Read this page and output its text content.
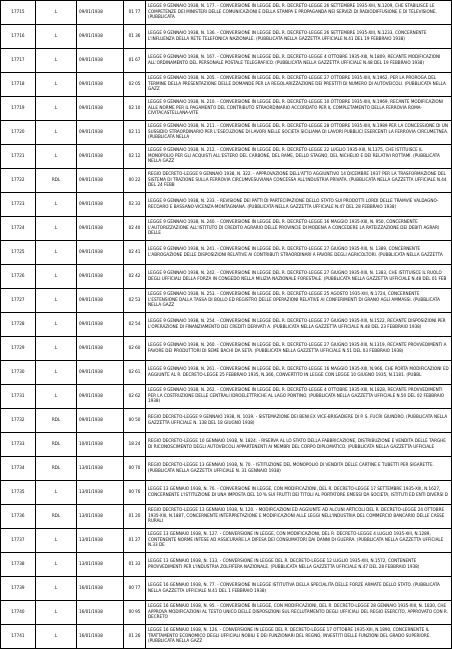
17715	L	09/01/1938	01 77	LEGGE 9 GENNAIO 1938, N. 177. - CONVERSIONE IN LEGGE DEL R. DECRETO-LEGGE 26 SETTEMBRE 1935-XIII, N.1209, CHE STABILISCE LE COMPETENZE DEI MINISTERI DELLE COMUNICAZIONI E DELLA STAMPA E PROPAGANDA NEI SERVIZI DI RADIODIFFUSIONE E DI TELEVISIONE. (PUBBLICATA
17716	L	09/01/1938	01 36	LEGGE 9 GENNAIO 1938, N. 136. - CONVERSIONE IN LEGGE DEL R. DECRETO-LEGGE 26 SETTEMBRE 1935-XIII, N.1233, CONCERNENTE L'INFLUENZA DELLA RETE TELEFONICA NAZIONALE. (PUBBLICATA NELLA GAZZETTA UFFICIALE N.41 DEL 19 FEBBRAIO 1938)
17717	L	09/01/1938	01 67	LEGGE 9 GENNAIO 1938, N. 167. - CONVERSIONE IN LEGGE DEL R. DECRETO-LEGGE 4 OTTOBRE 1935-XIII, N.1809, RECANTE MODIFICAZIONI ALL'ORDINAMENTO DEL PERSONALE POSTALE TELEGRAFICO. (PUBBLICATA NELLA GAZZETTA UFFICIALE N.48 DEL 19 FEBBRAIO 1938)
17718	L	09/01/1938	02 05	LEGGE 9 GENNAIO 1938, N. 205. - CONVERSIONE IN LEGGE DEL R. DECRETO-LEGGE 27 OTTOBRE 1935-XIII, N.1962, PER LA PROROGA DEL TERMINE DELLA PRESENTAZIONE DELLE DOMANDE PER LA REGOLARIZZAZIONE DEI PRESTITI DI NUMERO DI AUTOVEICOLI. (PUBBLICATA NELLA GAZZ
17719	L	09/01/1938	02 10	LEGGE 9 GENNAIO 1938, N. 210. - CONVERSIONE IN LEGGE DEL R. DECRETO-LEGGE 10 OTTOBRE 1935-XIII, N.1969, RECANTE MODIFICAZIONI ALLE NORME PER IL PAGAMENTO DEL CONTRIBUTO STRAORDINARIO ACCORDATO PER IL COMPLETAMENTO DELLA FERROVIA ROMA-CIVITACASTELLANA-VITE
17720	L	09/01/1938	02 11	LEGGE 9 GENNAIO 1938, N. 211. - CONVERSIONE IN LEGGE DEL R. DECRETO-LEGGE 28 OTTOBRE 1935-XIII, N.1989 PER LA CONCESSIONE DI UN SUSSIDIO STRAORDINARIO PER L'ESECUZIONE DI LAVORI NELLE SOCIETA SICILIANA DI LAVORI PUBBLICI ESERCENTI LA FERROVIA CIRCUMETNEA. (PUBBLICATA NELLA
17721	L	09/01/1938	02 12	LEGGE 9 GENNAIO 1938, N. 212. - CONVERSIONE IN LEGGE DEL R. DECRETO-LEGGE 22 LUGLIO 1935-XIII, N.1375, CHE ISTITUISCE IL MONOPOLIO PER GLI ACQUISTI ALL'ESTERO DEL CARBONE, DEL RAME, DELLO STAGNO, DEL NICHELIO E DEI RELATIVI ROTTAMI. (PUBBLICATA NELLA GAZZ
17722	RDL	09/01/1938	00 22	REGIO DECRETO-LEGGE 9 GENNAIO 1938, N. 322. - APPROVAZIONE DELL'ATTO AGGIUNTIVO 14 DICEMBRE 1937 PER LA TRASFORMAZIONE DEL SISTEMA DI TRAZIONE SULLA FERROVIA CIRCUMVESUVIANA CONCESSA ALL'INDUSTRIA PRIVATA. (PUBBLICATA NELLA GAZZETTA UFFICIALE N.44 DEL 24 FEBB
17723	L	09/01/1938	02 33	LEGGE 9 GENNAIO 1938, N. 233. - REVISIONE DEI PATTI DI PARTECIPAZIONE DELLO STATO SUI PRODOTTI LORDI DELLE TRAMVIE VALDAGNO-RECOARO E BASSANO-VICENZA-MONTAGNANA. (PUBBLICATA NELLA GAZZETTA UFFICIALE N.47 DEL 28 FEBBRAIO 1938)
17724	L	09/01/1938	02 40	LEGGE 9 GENNAIO 1938, N. 240. - CONVERSIONE IN LEGGE DEL R. DECRETO-LEGGE 16 MAGGIO 1935-XIII, N. 950, CONCERNENTE L'AUTORIZZAZIONE ALL'ISTITUTO DI CREDITO AGRARIO DELLE PROVINCIE DI MODENA A CONCEDERE LA RATEIZZAZIONE DEI DEBITI AGRARI DELLE
17725	L	09/01/1938	02 41	LEGGE 9 GENNAIO 1938, N. 241. - CONVERSIONE IN LEGGE DEL R. DECRETO-LEGGE 27 GIUGNO 1935-XIII, N. 1389, CONCERNENTE L'ABROGAZIONE DELLE DISPOSIZIONI RELATIVE AI CONTRIBUTI STRAORDINARI A FAVORE DEGLI AGRICOLTORI. (PUBBLICATA NELLA GAZZETTA
17726	L	09/01/1938	02 42	LEGGE 9 GENNAIO 1938, N. 242. - CONVERSIONE IN LEGGE DEL R. DECRETO-LEGGE 27 GIUGNO 1935-XIII, N. 1383, CHE ISTITUISCE IL RUOLO DEGLI UFFICIALI DELLA FORZA IN CONGEDO NELLA MILIZIA NAZIONALE FORESTALE. (PUBBLICATA NELLA GAZZETTA UFFICIALE N.48 DEL 01 FEB
17727	L	09/01/1938	02 53	LEGGE 9 GENNAIO 1938, N. 253. - CONVERSIONE IN LEGGE DEL R. DECRETO-LEGGE 25 AGOSTO 1935-XIII, N.1724, CONCERNENTE L'ESTENSIONE DALLA TASSA DI BOLLO ED REGISTRO DELLE OPERAZIONI RELATIVE AI CONFERIMENTI DI GRANO AGLI AMMASSI. (PUBBLICATA NELLA GAZZ
17728	L	09/01/1938	02 54	LEGGE 9 GENNAIO 1938, N. 254. - CONVERSIONE IN LEGGE DEL R. DECRETO-LEGGE 27 GIUGNO 1935-XIII, N.1522, RECANTE DISPOSIZIONI PER L'OPERAZIONE DI FINANZIAMENTO DEI CREDITI DERIVATI A. (PUBBLICATA NELLA GAZZETTA UFFICIALE N.48 DEL 23 FEBBRAIO 1938)
17729	L	09/01/1938	02 60	LEGGE 9 GENNAIO 1938, N. 260. - CONVERSIONE IN LEGGE DEL R. DECRETO-LEGGE 27 GIUGNO 1935-XIII, N.1319, RECANTE PROVVEDIMENTI A FAVORE DEI PRODUTTORI DI SEME BACHI DA SETA. (PUBBLICATA NELLA GAZZETTA UFFICIALE N.51 DEL 03 FEBBRAIO 1938)
17730	L	09/01/1938	02 61	LEGGE 9 GENNAIO 1938, N. 261. - CONVERSIONE IN LEGGE DEL R. DECRETO-LEGGE 16 MAGGIO 1935-XIII, N.966, CHE PORTA MODIFICAZIONI ED AGGIUNTE AL R. DECRETO-LEGGE 25 FEBBRAIO 1935, N.366, CONVERTITO IN LEGGE CON LEGGE 10 GIUGNO 1935, N.1181. (PUBBL
17731	L	09/01/1938	02 62	LEGGE 9 GENNAIO 1938, N. 262. - CONVERSIONE IN LEGGE DEL R. DECRETO-LEGGE 4 OTTOBRE 1935-XIII, N.1828, RECANTE PROVVEDIMENTI PER LA COSTRUZIONE DELLE CENTRALI IDROELETTRICHE AL LAGO PONTINO. (PUBBLICATA NELLA GAZZETTA UFFICIALE N.50 DEL 02 FEBBRAIO 1938)
17732	RDL	09/01/1938	00 50	REGIO DECRETO-LEGGE 9 GENNAIO 1938, N. 1039. - SISTEMAZIONE DEI BENI EX VICE-BRIGADIERE DI P. S. FUCRI GIUNDRO. (PUBBLICATA NELLA GAZZETTA UFFICIALE N. 138 DEL 18 GIUGNO 1938)
17733	RDL	10/01/1938	18 24	REGIO DECRETO-LEGGE 10 GENNAIO 1938, N. 1824. - RISERVA AL LO STATO DELLA FABBRICAZIONE, DISTRIBUZIONE E VENDITA DELLE TARGHE DI RICONOSCIMENTO DEGLI AUTOVEICOLI APPARTENENTI AI MEMBRI DEL CORPO DIPLOMATICO. (PUBBLICATA NELLA GAZZETTA UFFICIALE
17734	RDL	13/01/1938	00 70	REGIO DECRETO-LEGGE 13 GENNAIO 1938, N. 70. - ISTITUZIONE DEL MONOPOLIO DI VENDITA DELLE CARTINE E TUBETTI PER SIGARETTE. (PUBBLICATA NELLA GAZZETTA UFFICIALE N. 31 GENNAIO 1938)
17735	L	13/01/1938	00 76	LEGGE 13 GENNAIO 1938, N. 76. - CONVERSIONE IN LEGGE, CON MODIFICAZIONI, DEL R. DECRETO-LEGGE 17 SETTEMBRE 1935-XIII, N.1627, CONCERNENTE L'ISTITUZIONE DI UNA IMPOSTA DEL 10 % SUI FRUTTI DEI TITOLI AL PORTATORE EMESSI DA SOCIETA, ISTITUTI ED ENTI DIVERSI D
17736	RDL	13/01/1938	01 20	REGIO DECRETO-LEGGE 13 GENNAIO 1938, N. 120. - MODIFICAZIONI ED AGGIUNTE AD ALCUNI ARTICOLI DEL R. DECRETO-LEGGE 24 OTTOBRE 1935-XIII, N.1887, CONCERNENTE INTERPRETAZIONE E MODIFICAZIONI ALLE LEGGI NELL'INDUSTRIA DEL COMMERCIO BANCARIO DELLE CASSE RURALI
17737	L	13/01/1938	01 27	LEGGE 13 GENNAIO 1938, N. 127. - CONVERSIONE IN LEGGE, CON MODIFICAZIONI, DEL R. DECRETO-LEGGE 4 LUGLIO 1935-XIII, N.1289, CONTENENTE NORME INTESE AD ASSICURARE LA DIFESA DEI CONSUMATORI DAI DANNI DI GUERRA. (PUBBLICATA NELLA GAZZETTA UFFICIALE N.33 DE
17738	L	13/01/1938	01 33	LEGGE 13 GENNAIO 1938, N. 133. - CONVERSIONE IN LEGGE DEL R. DECRETO-LEGGE 12 LUGLIO 1935-XIII, N.1572, CONTENENTE PROVVEDIMENTI PER L'INDUSTRIA ZOLFIFERA NAZIONALE. (PUBBLICATA NELLA GAZZETTA UFFICIALE N.47 DEL 28 FEBBRAIO 1938)
17739	L	16/01/1938	00 77	LEGGE 16 GENNAIO 1938, N. 77. - CONVERSIONE IN LEGGE ISTITUTIVA DELLA SPECIALITA DELLE FORZE ARMATE DELLO STATO. (PUBBLICATA NELLA GAZZETTA UFFICIALE N.41 DEL 1 FEBBRAIO 1938)
17740	L	16/01/1938	00 95	LEGGE 16 GENNAIO 1938, N. 95. - CONVERSIONE IN LEGGE, CON MODIFICAZIONI, DEL R. DECRETO-LEGGE 28 GENNAIO 1935-XIII, N. 1830, CHE APPROVA MODIFICAZIONI AL TESTO UNICO DELLE DISPOSIZIONI SUL RECLUTAMENTO DEGLI UFFICIALI DEL REGIO ESERCITO, APPROVATO CON R. DECRETO
17741	L	16/01/1938	01 26	LEGGE 16 GENNAIO 1938, N. 126. - CONVERSIONE IN LEGGE DEL R. DECRETO-LEGGE 17 OTTOBRE 1935-XIII, N.1890, CONCERNENTE IL TRATTAMENTO ECONOMICO DEGLI UFFICIALI NOBILI E DEI FUNZIONARI DEL REGNO, INVESTITI DELLE FUNZIONI DEL GRADO SUPERIORE. (PUBBLICATA NELLA GAZZ
